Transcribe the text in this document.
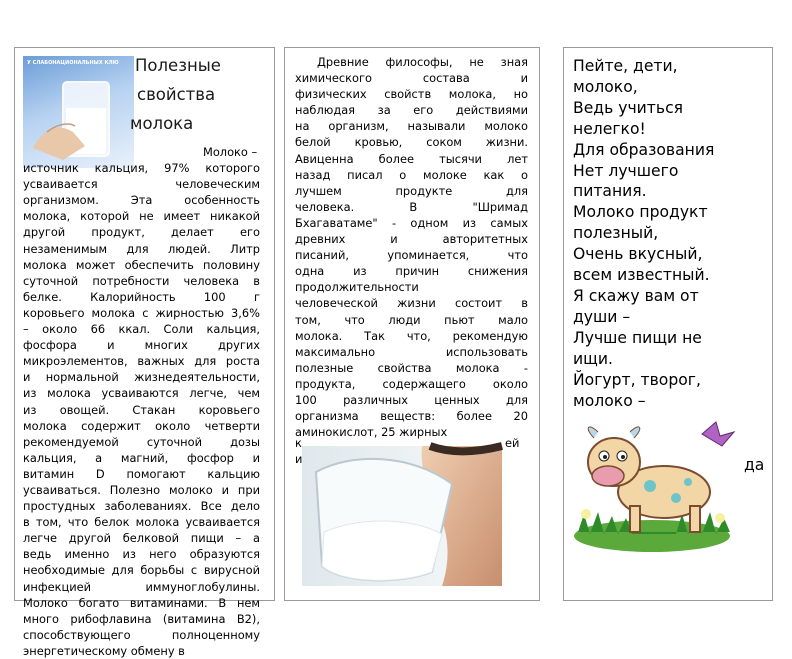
У СЛАБОНАЦИОНАЛЬНЫХ КЛЮ Полезные
свойства
молока
Молоко –
источник кальция, 97% которого
усваивается человеческим
организмом. Эта особенность
молока, которой не имеет никакой
другой продукт, делает его
незаменимым для людей. Литр
молока может обеспечить половину
суточной потребности человека в
белке. Калорийность 100 г
коровьего молока с жирностью 3,6%
– около 66 ккал. Соли кальция,
фосфора и многих других
микроэлементов, важных для роста
и нормальной жизнедеятельности,
из молока усваиваются легче, чем
из овощей. Стакан коровьего
молока содержит около четверти
рекомендуемой суточной дозы
кальция, а магний, фосфор и
витамин D помогают кальцию
усваиваться. Полезно молоко и при
простудных заболеваниях. Все дело
в том, что белок молока усваивается
легче другой белковой пищи – а
ведь именно из него образуются
необходимые для борьбы с вирусной
инфекцией иммуноглобулины.
Молоко богато витаминами. В нем
много рибофлавина (витамина В2),
способствующего полноценному
энергетическому обмену в
Древние философы, не зная
химического состава и
физических свойств молока, но
наблюдая за его действиями
на организм, называли молоко
белой кровью, соком жизни.
Авиценна более тысячи лет
назад писал о молоке как о
лучшем продукте для
человека. В "Шримад
Бхагаватаме" - одном из самых
древних и авторитетных
писаний, упоминается, что
одна из причин снижения
продолжительности
человеческой жизни состоит в
том, что люди пьют мало
молока. Так что, рекомендую
максимально использовать
полезные свойства молока -
продукта, содержащего около
100 различных ценных для
организма веществ: более 20
аминокислот, 25 жирных
к
и
ей
Пейте, дети,
молоко,
Ведь учиться
нелегко!
Для образования
Нет лучшего
питания.
Молоко продукт
полезный,
Очень вкусный,
всем известный.
Я скажу вам от
души –
Лучше пищи не
ищи.
Йогурт, творог,
молоко –
да
